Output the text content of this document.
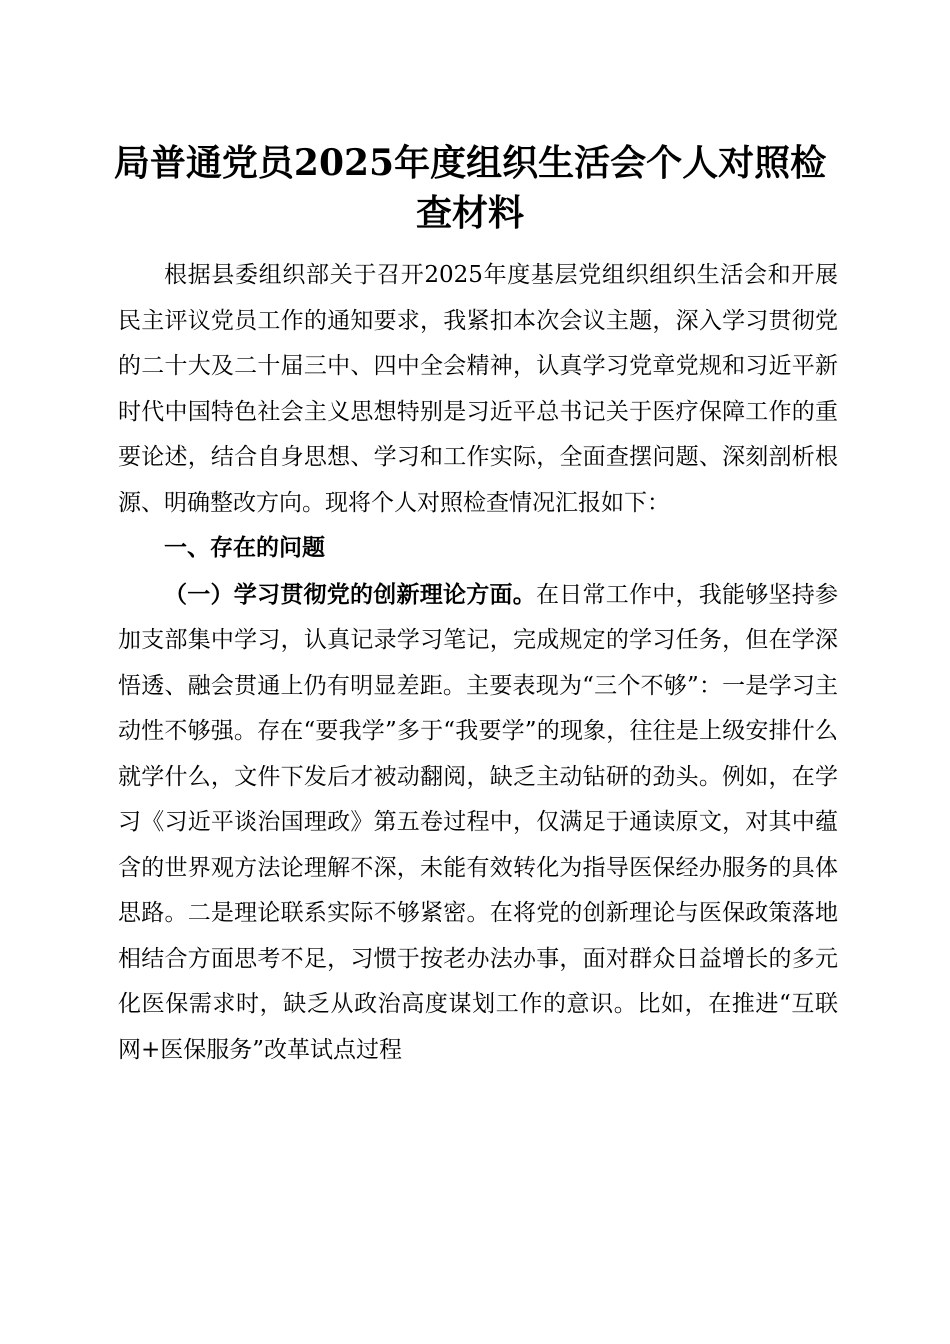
局普通党员2025年度组织生活会个人对照检查材料

根据县委组织部关于召开2025年度基层党组织组织生活会和开展民主评议党员工作的通知要求，我紧扣本次会议主题，深入学习贯彻党的二十大及二十届三中、四中全会精神，认真学习党章党规和习近平新时代中国特色社会主义思想特别是习近平总书记关于医疗保障工作的重要论述，结合自身思想、学习和工作实际，全面查摆问题、深刻剖析根源、明确整改方向。现将个人对照检查情况汇报如下：

一、存在的问题

（一）学习贯彻党的创新理论方面。在日常工作中，我能够坚持参加支部集中学习，认真记录学习笔记，完成规定的学习任务，但在学深悟透、融会贯通上仍有明显差距。主要表现为“三个不够”：一是学习主动性不够强。存在“要我学”多于“我要学”的现象，往往是上级安排什么就学什么，文件下发后才被动翻阅，缺乏主动钻研的劲头。例如，在学习《习近平谈治国理政》第五卷过程中，仅满足于通读原文，对其中蕴含的世界观方法论理解不深，未能有效转化为指导医保经办服务的具体思路。二是理论联系实际不够紧密。在将党的创新理论与医保政策落地相结合方面思考不足，习惯于按老办法办事，面对群众日益增长的多元化医保需求时，缺乏从政治高度谋划工作的意识。比如，在推进“互联网+医保服务”改革试点过程
